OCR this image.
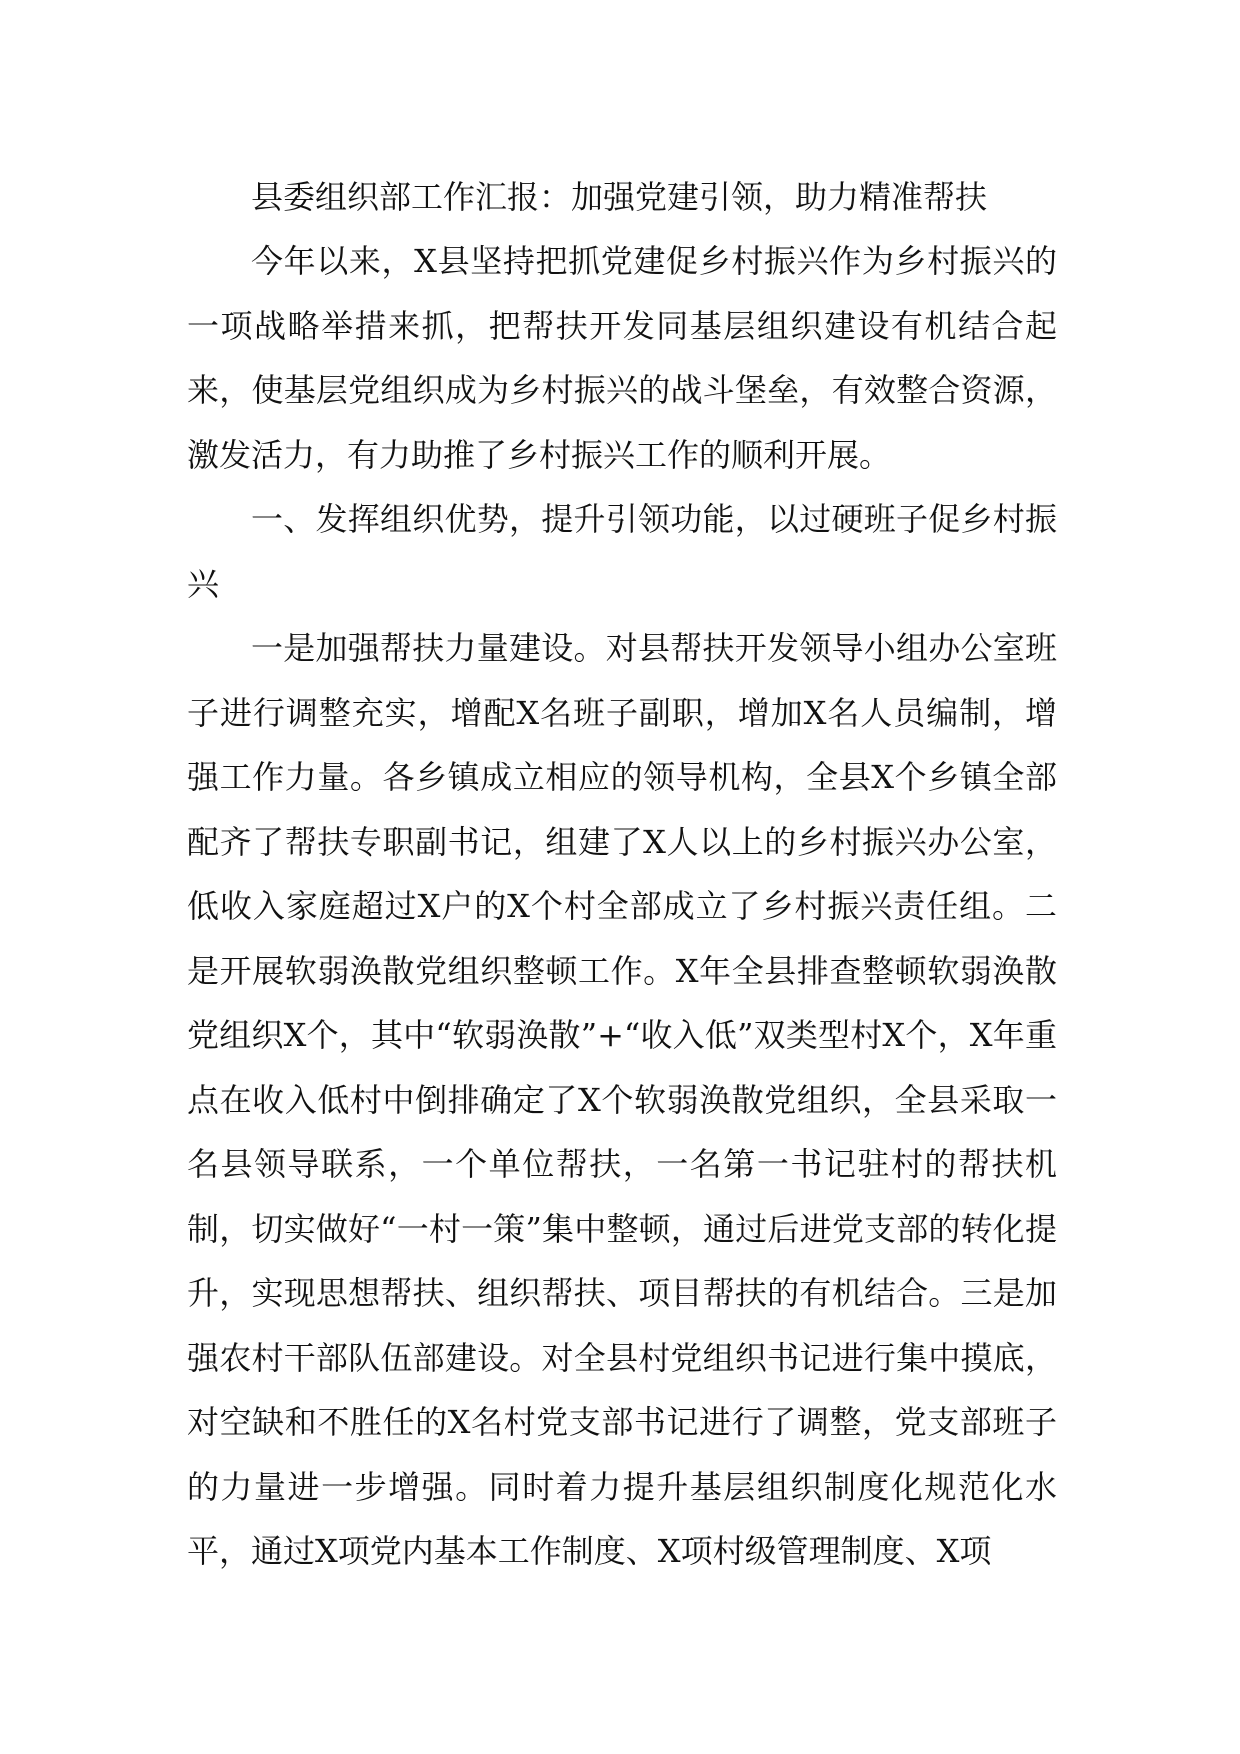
县委组织部工作汇报：加强党建引领，助力精准帮扶

今年以来，X县坚持把抓党建促乡村振兴作为乡村振兴的一项战略举措来抓，把帮扶开发同基层组织建设有机结合起来，使基层党组织成为乡村振兴的战斗堡垒，有效整合资源，激发活力，有力助推了乡村振兴工作的顺利开展。

一、发挥组织优势，提升引领功能，以过硬班子促乡村振兴

一是加强帮扶力量建设。对县帮扶开发领导小组办公室班子进行调整充实，增配X名班子副职，增加X名人员编制，增强工作力量。各乡镇成立相应的领导机构，全县X个乡镇全部配齐了帮扶专职副书记，组建了X人以上的乡村振兴办公室，低收入家庭超过X户的X个村全部成立了乡村振兴责任组。二是开展软弱涣散党组织整顿工作。X年全县排查整顿软弱涣散党组织X个，其中“软弱涣散”+“收入低”双类型村X个，X年重点在收入低村中倒排确定了X个软弱涣散党组织，全县采取一名县领导联系，一个单位帮扶，一名第一书记驻村的帮扶机制，切实做好“一村一策”集中整顿，通过后进党支部的转化提升，实现思想帮扶、组织帮扶、项目帮扶的有机结合。三是加强农村干部队伍部建设。对全县村党组织书记进行集中摸底，对空缺和不胜任的X名村党支部书记进行了调整，党支部班子的力量进一步增强。同时着力提升基层组织制度化规范化水平，通过X项党内基本工作制度、X项村级管理制度、X项
